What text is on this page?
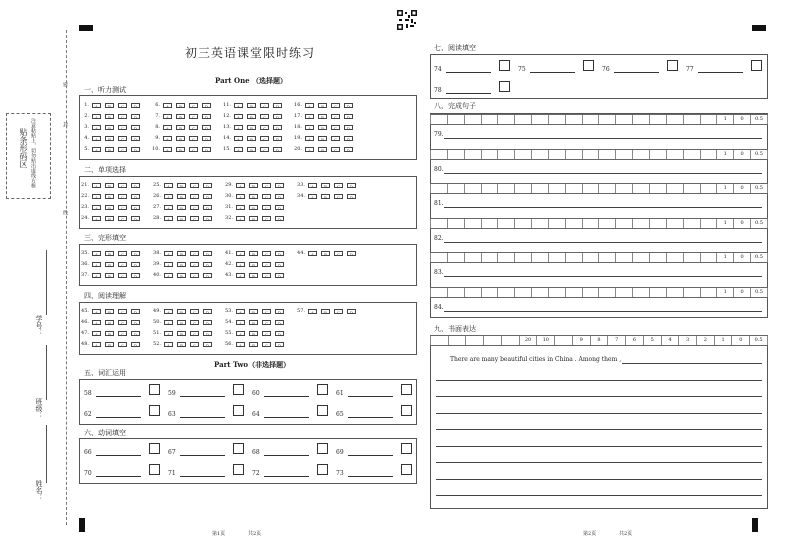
贴条形码区 注意粘贴上，切勿贴出虚线方框
密
封
线
学号：
班级：
姓名：
初三英语课堂限时练习
Part One （选择题）
一、听力测试
二、单项选择
三、完形填空
四、阅读理解
Part Two（非选择题）
五、词汇运用
六、动词填空
七、阅读填空
八、完成句子
九、书面表达
There are many beautiful cities in China . Among them ,
第1页	共2页	第2页	共2页
1.	A	B	C	D
2.	A	B	C	D
3.	A	B	C	D
4.	A	B	C	D
5.	A	B	C	D
6.	A	B	C	D
7.	A	B	C	D
8.	A	B	C	D
9.	A	B	C	D
10.	A	B	C	D
11.	A	B	C	D
12.	A	B	C	D
13.	A	B	C	D
14.	A	B	C	D
15.	A	B	C	D
16.	A	B	C	D
17.	A	B	C	D
18.	A	B	C	D
19.	A	B	C	D
20.	A	B	C	D
21.	A	B	C	D
22.	A	B	C	D
23.	A	B	C	D
24.	A	B	C	D
25.	A	B	C	D
26.	A	B	C	D
27.	A	B	C	D
28.	A	B	C	D
29.	A	B	C	D
30.	A	B	C	D
31.	A	B	C	D
32.	A	B	C	D
33.	A	B	C	D
34.	A	B	C	D
35.	A	B	C	D
36.	A	B	C	D
37.	A	B	C	D
38.	A	B	C	D
39.	A	B	C	D
40.	A	B	C	D
41.	A	B	C	D
42.	A	B	C	D
43.	A	B	C	D
44.	A	B	C	D
45.	A	B	C	D
46.	A	B	C	D
47.	A	B	C	D
48.	A	B	C	D
49.	A	B	C	D
50.	A	B	C	D
51.	A	B	C	D
52.	A	B	C	D
53.	A	B	C	D
54.	A	B	C	D
55.	A	B	C	D
56.	A	B	C	D
57.	A	B	C	D
58	59	60	61
62	63	64	65
66	67	68	69
70	71	72	73
74	75	76	77
78
1	0	0.5
79.
1	0	0.5
80.
1	0	0.5
81.
1	0	0.5
82.
1	0	0.5
83.
1	0	0.5
84.
20	10	9	8	7	6	5	4	3	2	1	0	0.5
